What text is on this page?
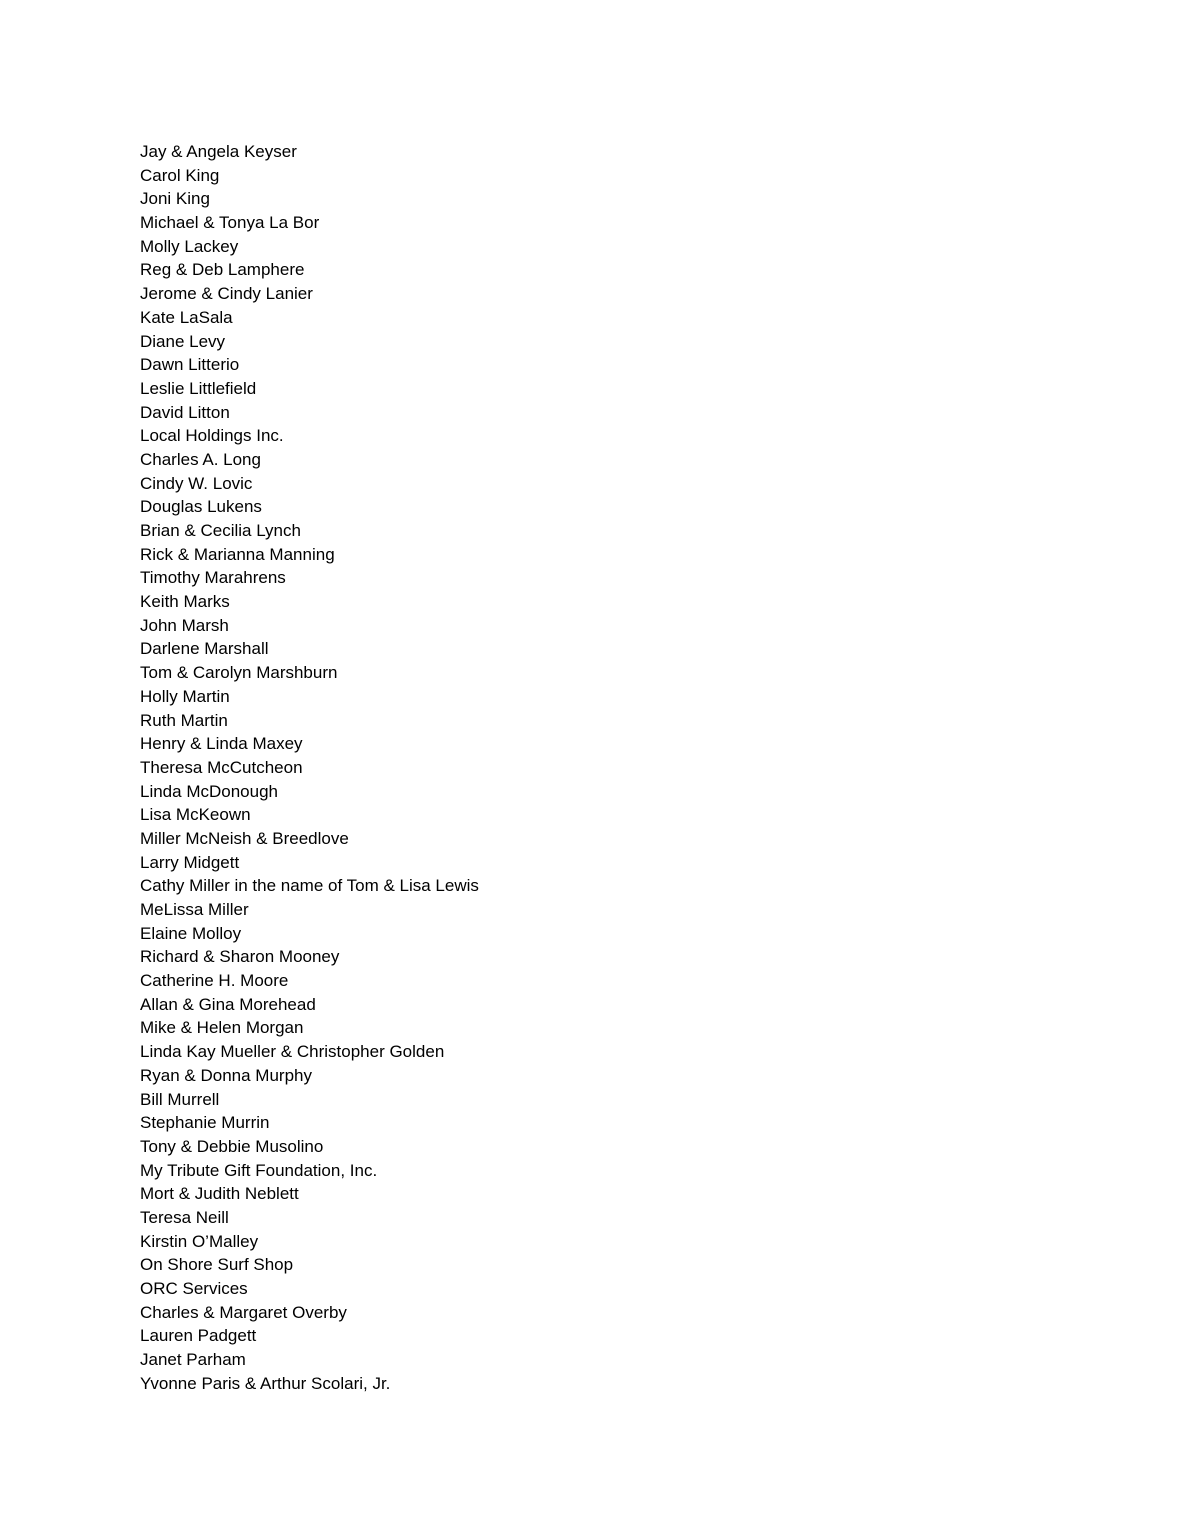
Jay & Angela Keyser
Carol King
Joni King
Michael & Tonya La Bor
Molly Lackey
Reg & Deb Lamphere
Jerome & Cindy Lanier
Kate LaSala
Diane Levy
Dawn Litterio
Leslie Littlefield
David Litton
Local Holdings Inc.
Charles A. Long
Cindy W. Lovic
Douglas Lukens
Brian & Cecilia Lynch
Rick & Marianna Manning
Timothy Marahrens
Keith Marks
John Marsh
Darlene Marshall
Tom & Carolyn Marshburn
Holly Martin
Ruth Martin
Henry & Linda Maxey
Theresa McCutcheon
Linda McDonough
Lisa McKeown
Miller McNeish & Breedlove
Larry Midgett
Cathy Miller in the name of Tom & Lisa Lewis
MeLissa Miller
Elaine Molloy
Richard & Sharon Mooney
Catherine H. Moore
Allan & Gina Morehead
Mike & Helen Morgan
Linda Kay Mueller & Christopher Golden
Ryan & Donna Murphy
Bill Murrell
Stephanie Murrin
Tony & Debbie Musolino
My Tribute Gift Foundation, Inc.
Mort & Judith Neblett
Teresa Neill
Kirstin O’Malley
On Shore Surf Shop
ORC Services
Charles & Margaret Overby
Lauren Padgett
Janet Parham
Yvonne Paris & Arthur Scolari, Jr.
